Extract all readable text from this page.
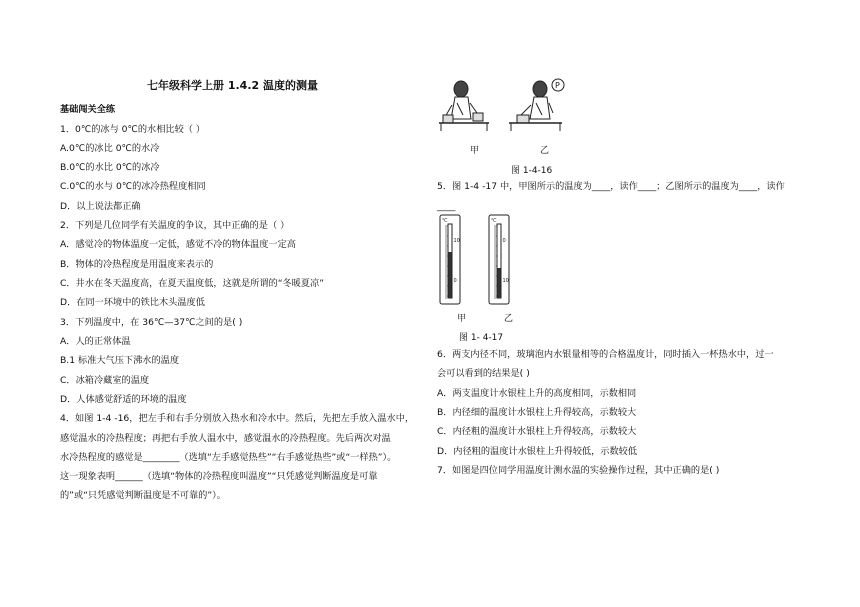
七年级科学上册 1.4.2 温度的测量
基础闯关全练
1．0℃的冰与 0℃的水相比较（ ）
A.0℃的冰比 0℃的水冷
B.0℃的水比 0℃的冰冷
C.0℃的水与 0℃的冰冷热程度相同
D．以上说法都正确
2．下列是几位同学有关温度的争议，其中正确的是（ ）
A．感觉冷的物体温度一定低，感觉不冷的物体温度一定高
B．物体的冷热程度是用温度来表示的
C．井水在冬天温度高，在夏天温度低，这就是所谓的“冬暖夏凉”
D．在同一环境中的铁比木头温度低
3．下列温度中，在 36℃—37℃之间的是( )
A．人的正常体温
B.1 标准大气压下沸水的温度
C．冰箱冷藏室的温度
D．人体感觉舒适的环境的温度
4．如图 1-4 -16，把左手和右手分别放入热水和冷水中。然后，先把左手放入温水中，
感觉温水的冷热程度；再把右手放人温水中，感觉温水的冷热程度。先后两次对温
水冷热程度的感觉是________（选填“左手感觉热些”“右手感觉热些”或“一样热”）。
这一现象表明______（选填“物体的冷热程度叫温度”“只凭感觉判断温度是可靠
的”或“只凭感觉判断温度是不可靠的”）。
P
甲	乙
图 1-4-16
5．图 1-4 -17 中，甲图所示的温度为____，读作____；乙图所示的温度为____，读作
____
℃	℃
10
0
0
10
甲	乙
图 1- 4-17
6．两支内径不同，玻璃泡内水银量相等的合格温度计，同时插入一杯热水中，过一
会可以看到的结果是( )
A．两支温度计水银柱上升的高度相同，示数相同
B．内径细的温度计水银柱上升得较高，示数较大
C．内径粗的温度计水银柱上升得较高，示数较大
D．内径粗的温度计水银柱上升得较低，示数较低
7．如图是四位同学用温度计测水温的实验操作过程，其中正确的是( )
